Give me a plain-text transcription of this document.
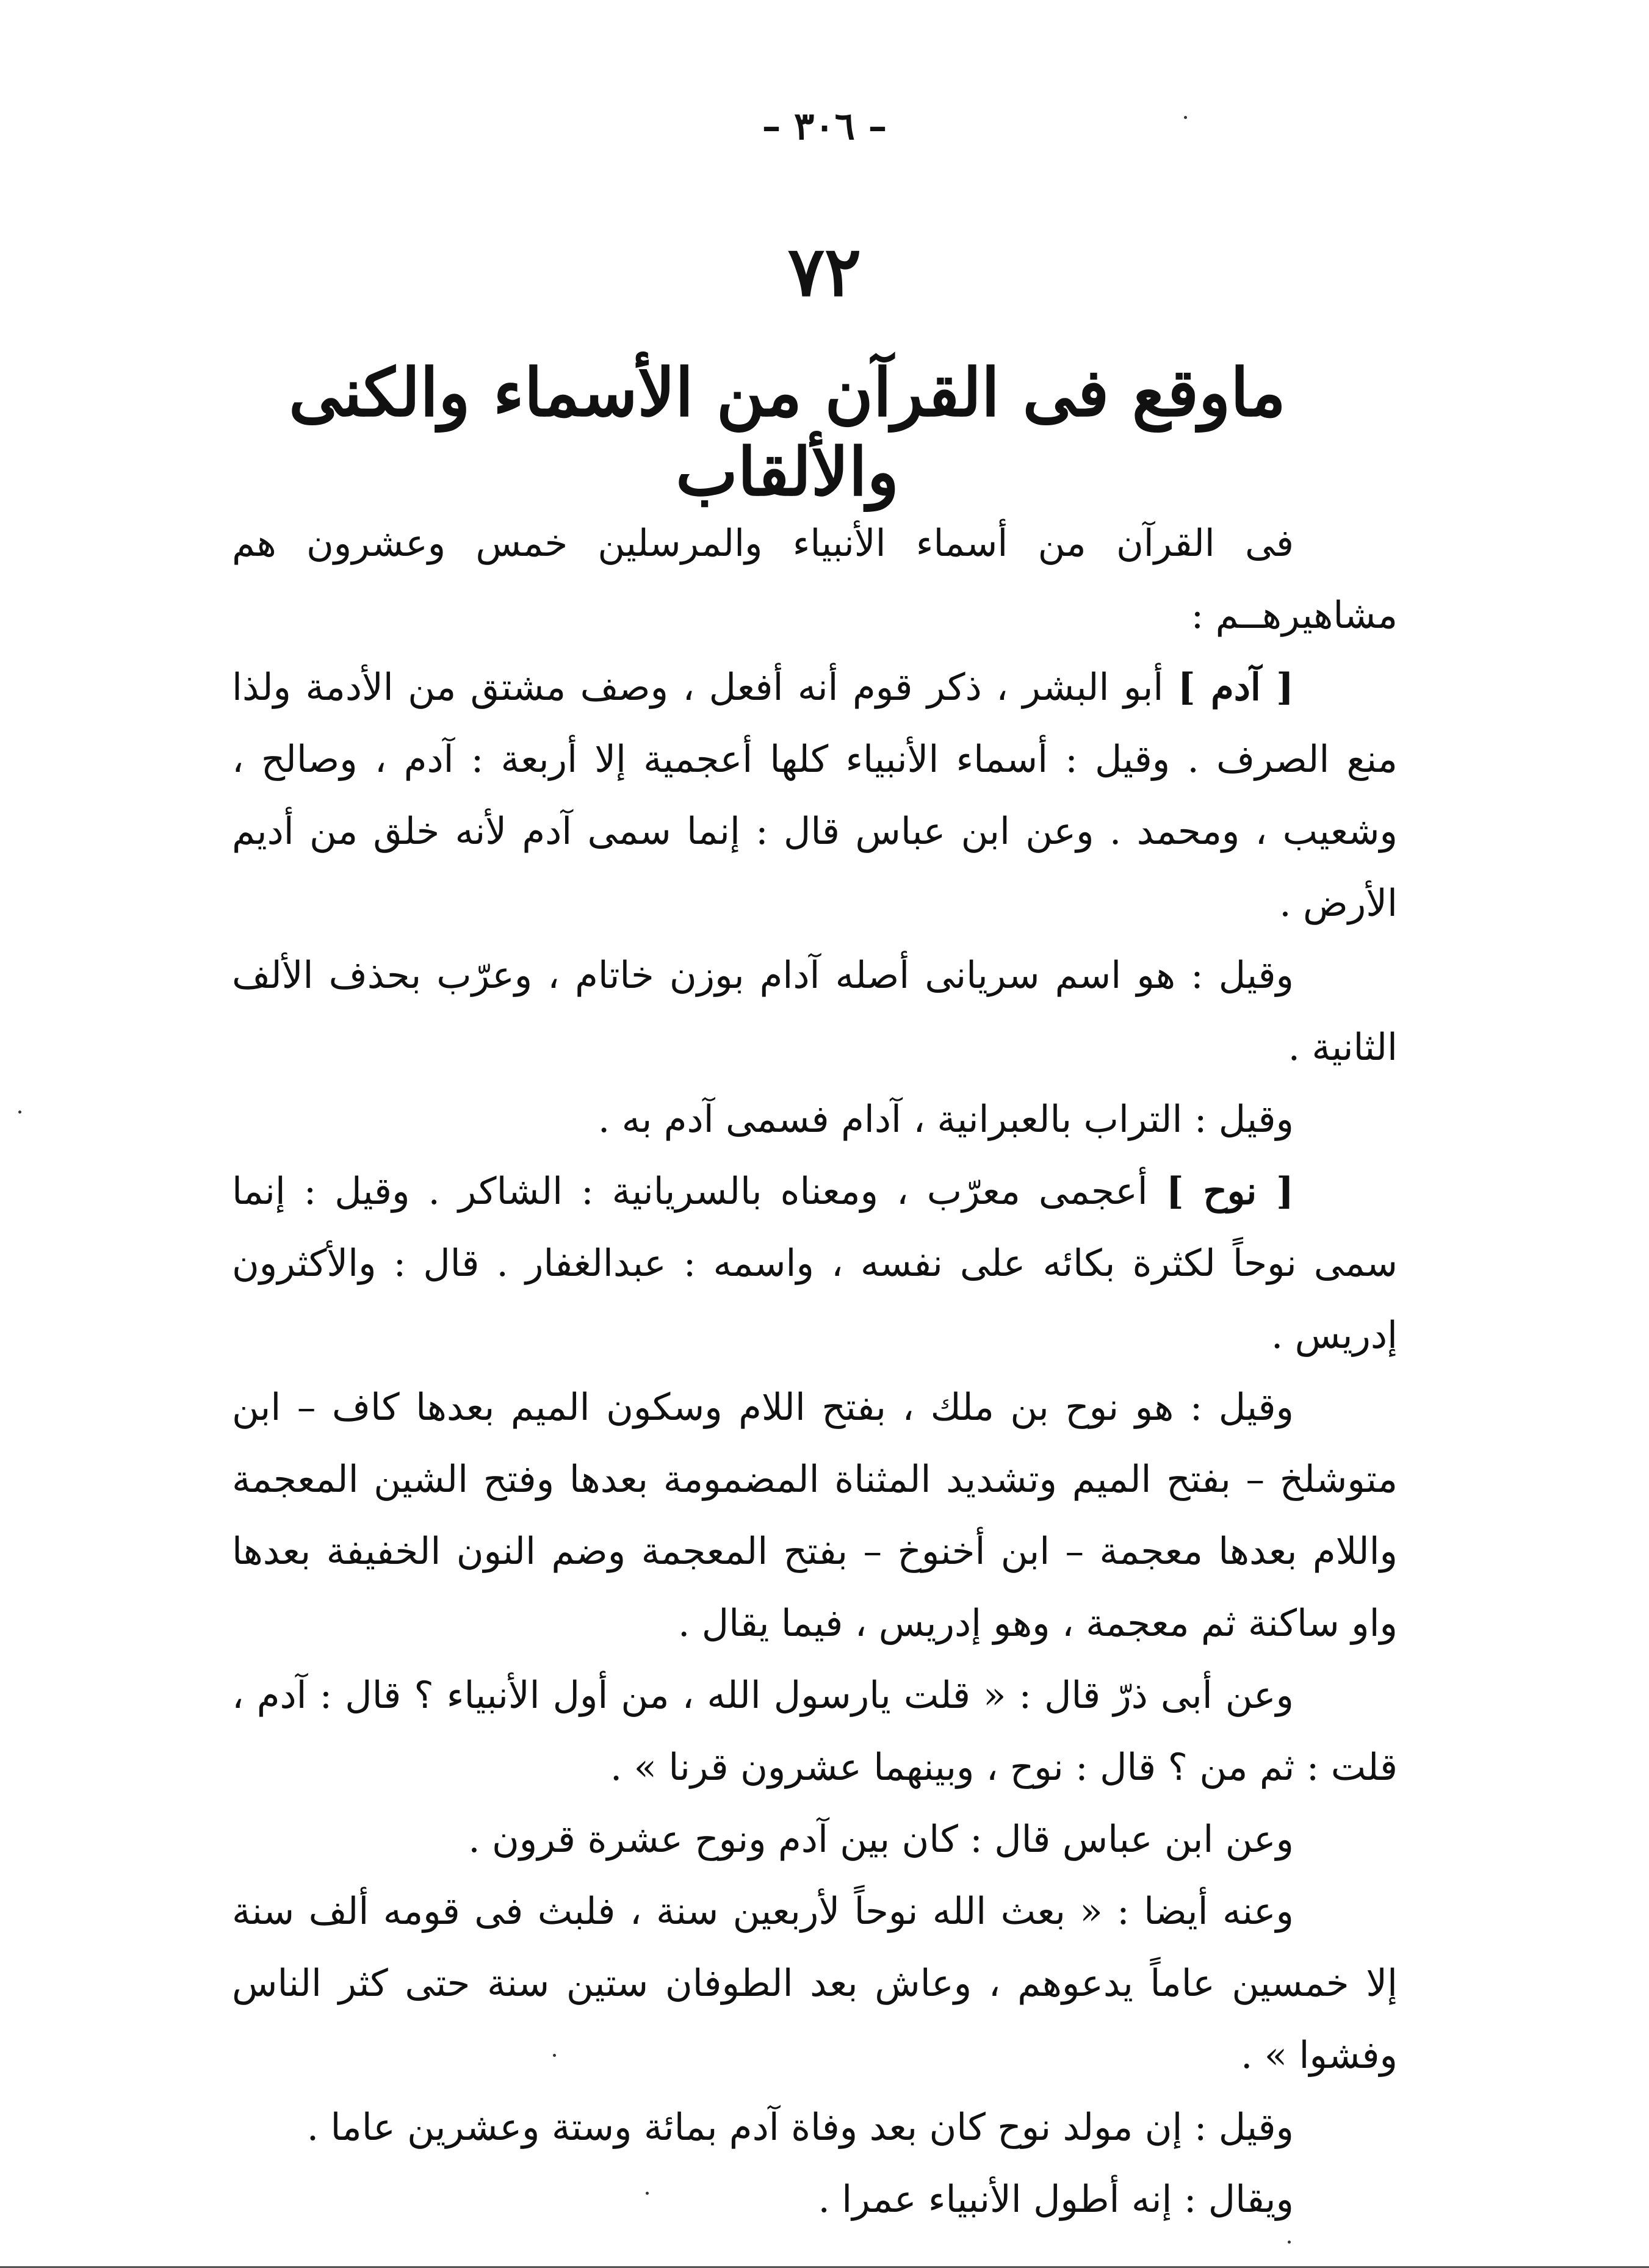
– ٣٠٦ –
٧٢
ماوقع فى القرآن من الأسماء والكنى والألقاب

فى القرآن من أسماء الأنبياء والمرسلين خمس وعشرون هم مشاهيرهــم :

[ آدم ] أبو البشر ، ذكر قوم أنه أفعل ، وصف مشتق من الأدمة ولذا منع الصرف . وقيل : أسماء الأنبياء كلها أعجمية إلا أربعة : آدم ، وصالح ، وشعيب ، ومحمد . وعن ابن عباس قال : إنما سمى آدم لأنه خلق من أديم الأرض .

وقيل : هو اسم سريانى أصله آدام بوزن خاتام ، وعرّب بحذف الألف الثانية .

وقيل : التراب بالعبرانية ، آدام فسمى آدم به .

[ نوح ] أعجمى معرّب ، ومعناه بالسريانية : الشاكر . وقيل : إنما سمى نوحاً لكثرة بكائه على نفسه ، واسمه : عبدالغفار . قال : والأكثرون إدريس .

وقيل : هو نوح بن ملك ، بفتح اللام وسكون الميم بعدها كاف – ابن متوشلخ – بفتح الميم وتشديد المثناة المضمومة بعدها وفتح الشين المعجمة واللام بعدها معجمة – ابن أخنوخ – بفتح المعجمة وضم النون الخفيفة بعدها واو ساكنة ثم معجمة ، وهو إدريس ، فيما يقال .

وعن أبى ذرّ قال : « قلت يارسول الله ، من أول الأنبياء ؟ قال : آدم ، قلت : ثم من ؟ قال : نوح ، وبينهما عشرون قرنا » .

وعن ابن عباس قال : كان بين آدم ونوح عشرة قرون .

وعنه أيضا : « بعث الله نوحاً لأربعين سنة ، فلبث فى قومه ألف سنة إلا خمسين عاماً يدعوهم ، وعاش بعد الطوفان ستين سنة حتى كثر الناس وفشوا » .

وقيل : إن مولد نوح كان بعد وفاة آدم بمائة وستة وعشرين عاما .

ويقال : إنه أطول الأنبياء عمرا .
